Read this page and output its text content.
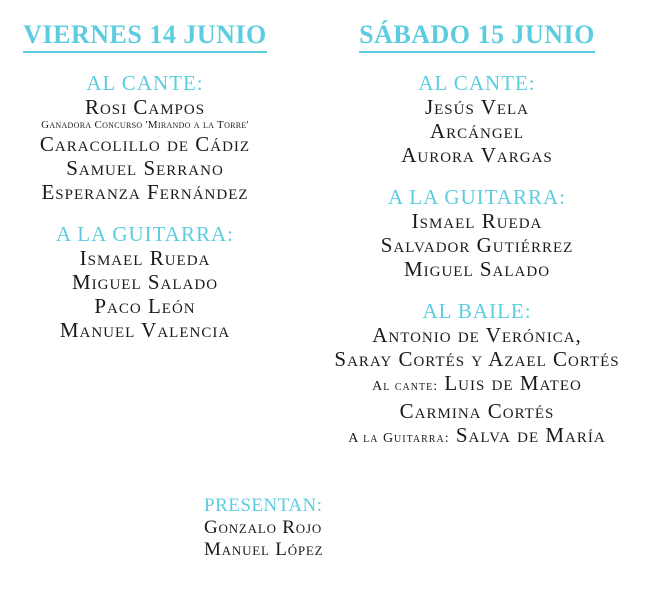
VIERNES 14 JUNIO
AL CANTE:
Rosi Campos
Ganadora Concurso 'Mirando a la Torre'
Caracolillo de Cádiz
Samuel Serrano
Esperanza Fernández
A LA GUITARRA:
Ismael Rueda
Miguel Salado
Paco León
Manuel Valencia
SÁBADO 15 JUNIO
AL CANTE:
Jesús Vela
Arcángel
Aurora Vargas
A LA GUITARRA:
Ismael Rueda
Salvador Gutiérrez
Miguel Salado
AL BAILE:
Antonio de Verónica,
Saray Cortés y Azael Cortés
Al cante: Luis de Mateo
Carmina Cortés
A la Guitarra: Salva de María
PRESENTAN:
Gonzalo Rojo
Manuel López
